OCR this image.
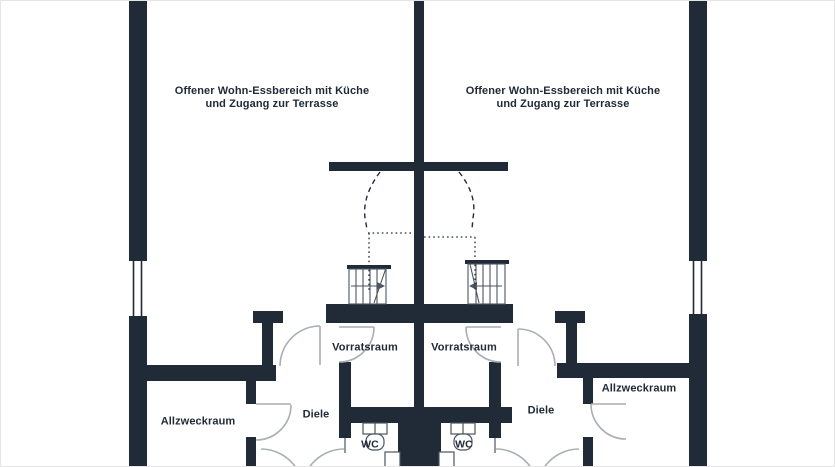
Offener Wohn-Essbereich mit Küche
und Zugang zur Terrasse
Offener Wohn-Essbereich mit Küche
und Zugang zur Terrasse
Vorratsraum	Vorratsraum
Allzweckraum
Allzweckraum
Diele	Diele
WC	WC
